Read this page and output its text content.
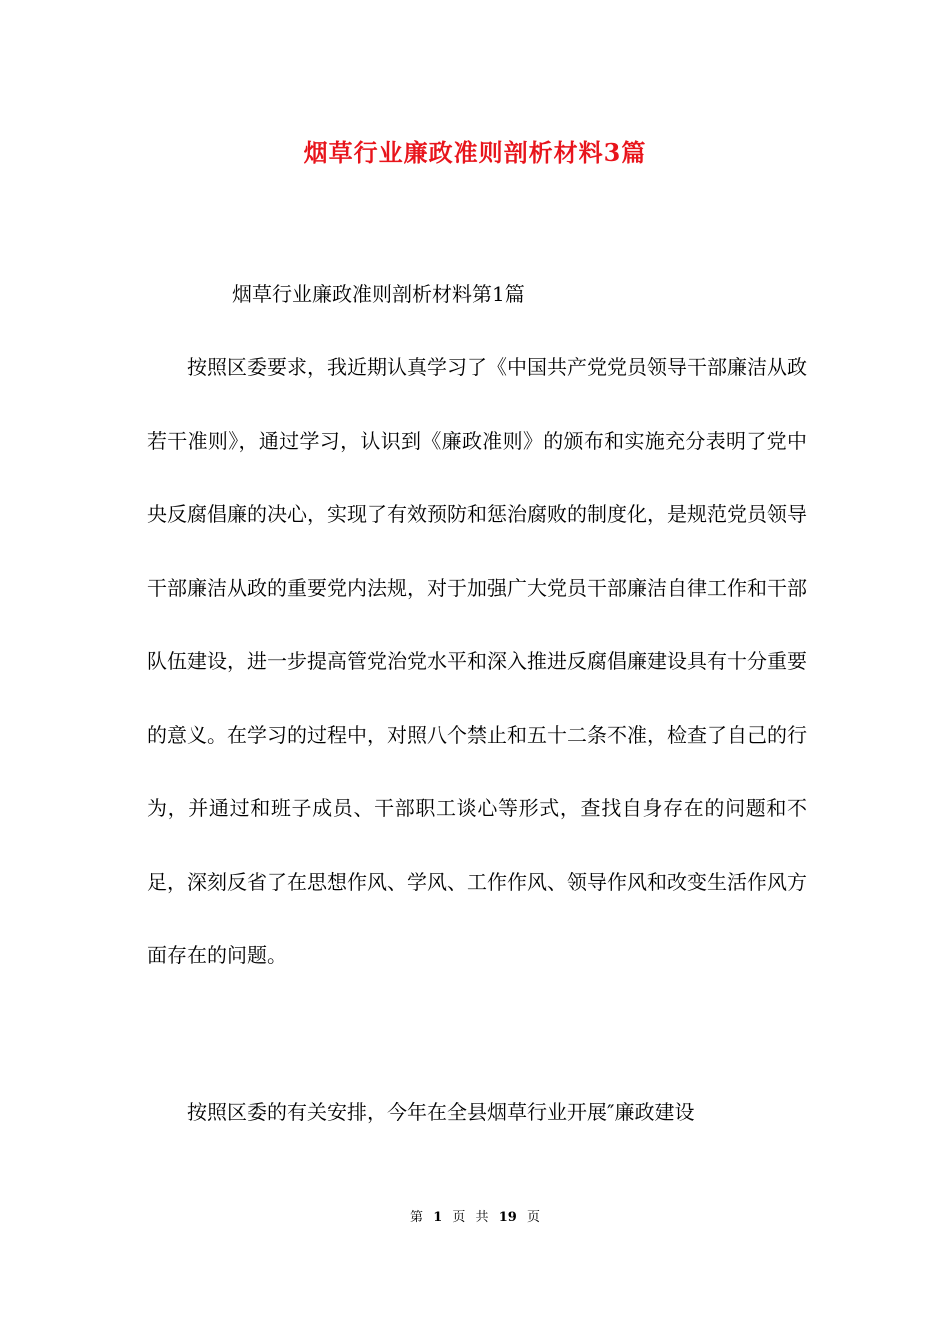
烟草行业廉政准则剖析材料3篇
烟草行业廉政准则剖析材料第1篇

按照区委要求，我近期认真学习了《中国共产党党员领导干部廉洁从政若干准则》，通过学习，认识到《廉政准则》的颁布和实施充分表明了党中央反腐倡廉的决心，实现了有效预防和惩治腐败的制度化，是规范党员领导干部廉洁从政的重要党内法规，对于加强广大党员干部廉洁自律工作和干部队伍建设，进一步提高管党治党水平和深入推进反腐倡廉建设具有十分重要的意义。在学习的过程中，对照八个禁止和五十二条不准，检查了自己的行为，并通过和班子成员、干部职工谈心等形式，查找自身存在的问题和不足，深刻反省了在思想作风、学风、工作作风、领导作风和改变生活作风方面存在的问题。

按照区委的有关安排，今年在全县烟草行业开展″廉政建设

第 1 页 共 19 页
